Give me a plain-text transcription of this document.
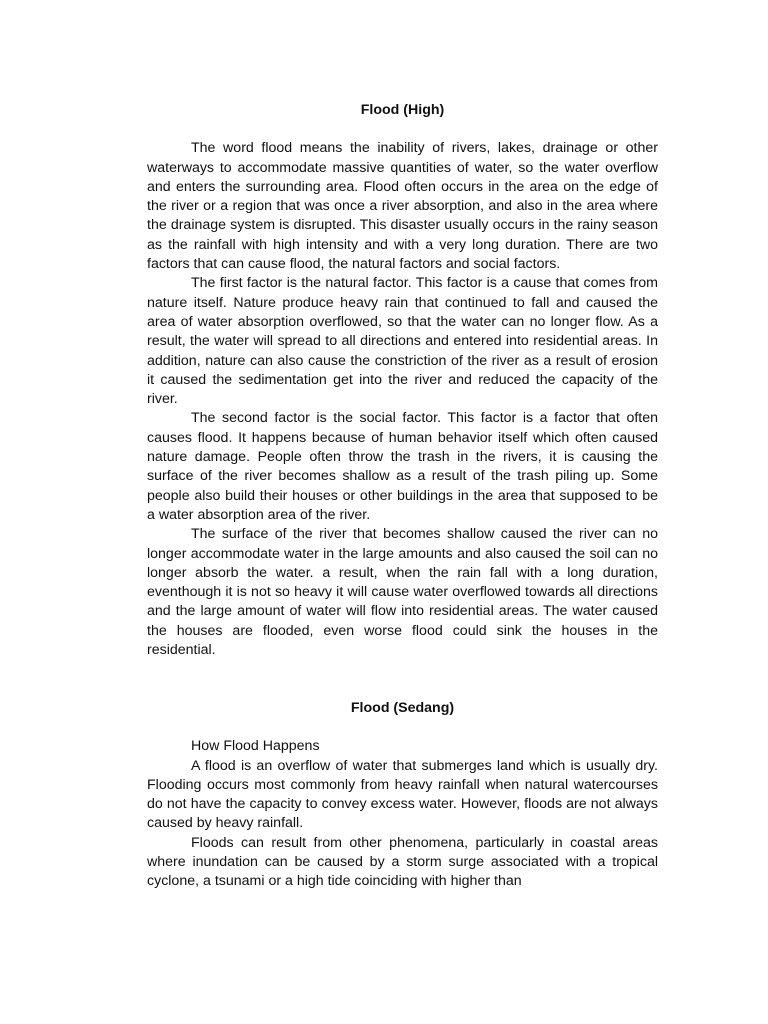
Flood (High)

The word flood means the inability of rivers, lakes, drainage or other waterways to accommodate massive quantities of water, so the water overflow and enters the surrounding area. Flood often occurs in the area on the edge of the river or a region that was once a river absorption, and also in the area where the drainage system is disrupted. This disaster usually occurs in the rainy season as the rainfall with high intensity and with a very long duration. There are two factors that can cause flood, the natural factors and social factors.

The first factor is the natural factor. This factor is a cause that comes from nature itself. Nature produce heavy rain that continued to fall and caused the area of water absorption overflowed, so that the water can no longer flow. As a result, the water will spread to all directions and entered into residential areas. In addition, nature can also cause the constriction of the river as a result of erosion it caused the sedimentation get into the river and reduced the capacity of the river.

The second factor is the social factor. This factor is a factor that often causes flood. It happens because of human behavior itself which often caused nature damage. People often throw the trash in the rivers, it is causing the surface of the river becomes shallow as a result of the trash piling up. Some people also build their houses or other buildings in the area that supposed to be a water absorption area of the river.

The surface of the river that becomes shallow caused the river can no longer accommodate water in the large amounts and also caused the soil can no longer absorb the water. a result, when the rain fall with a long duration, eventhough it is not so heavy it will cause water overflowed towards all directions and the large amount of water will flow into residential areas. The water caused the houses are flooded, even worse flood could sink the houses in the residential.

Flood (Sedang)

How Flood Happens

A flood is an overflow of water that submerges land which is usually dry. Flooding occurs most commonly from heavy rainfall when natural watercourses do not have the capacity to convey excess water. However, floods are not always caused by heavy rainfall.

Floods can result from other phenomena, particularly in coastal areas where inundation can be caused by a storm surge associated with a tropical cyclone, a tsunami or a high tide coinciding with higher than
